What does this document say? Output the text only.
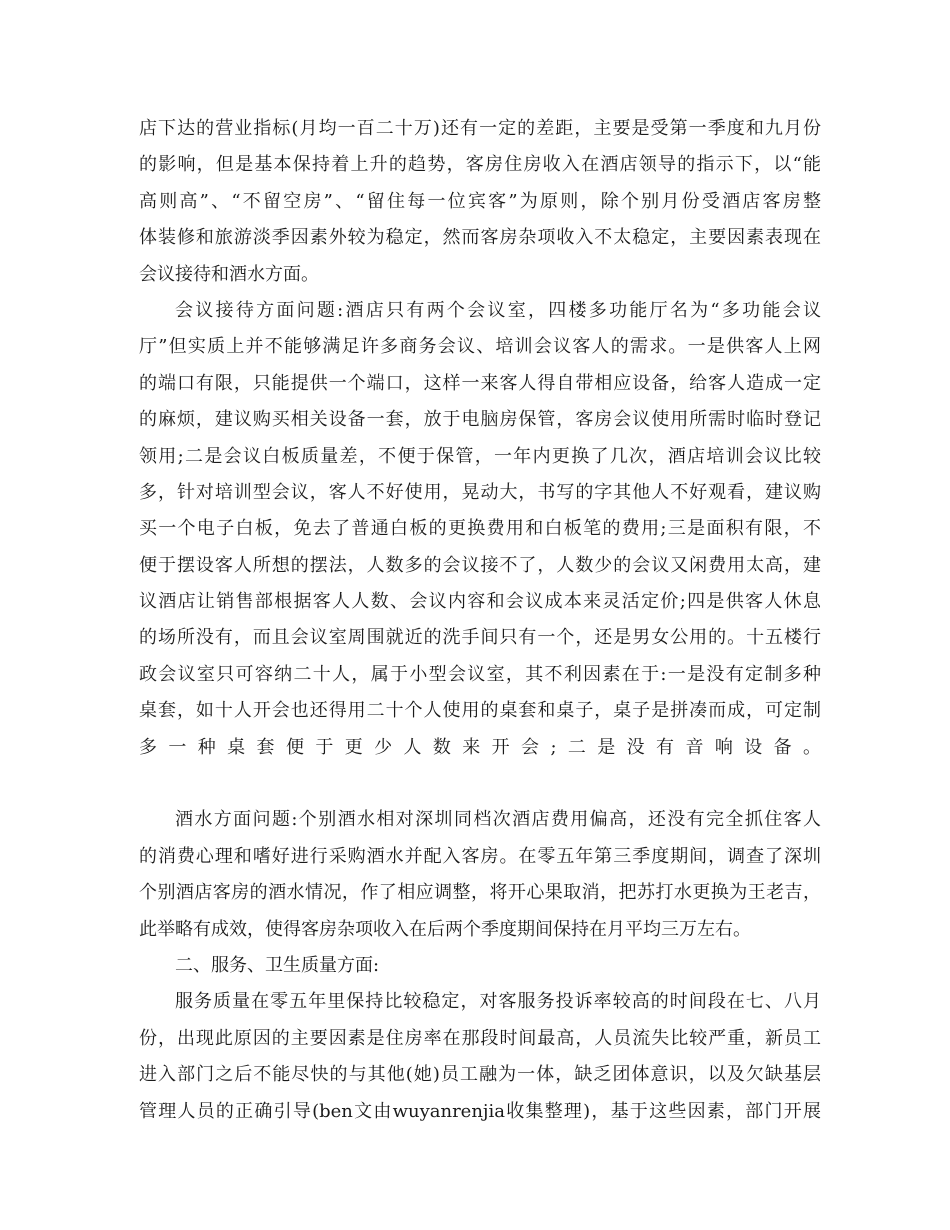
店下达的营业指标(月均一百二十万)还有一定的差距，主要是受第一季度和九月份
的影响，但是基本保持着上升的趋势，客房住房收入在酒店领导的指示下，以“能
高则高”、“不留空房”、“留住每一位宾客”为原则，除个别月份受酒店客房整
体装修和旅游淡季因素外较为稳定，然而客房杂项收入不太稳定，主要因素表现在
会议接待和酒水方面。
会议接待方面问题:酒店只有两个会议室，四楼多功能厅名为“多功能会议
厅”但实质上并不能够满足许多商务会议、培训会议客人的需求。一是供客人上网
的端口有限，只能提供一个端口，这样一来客人得自带相应设备，给客人造成一定
的麻烦，建议购买相关设备一套，放于电脑房保管，客房会议使用所需时临时登记
领用;二是会议白板质量差，不便于保管，一年内更换了几次，酒店培训会议比较
多，针对培训型会议，客人不好使用，晃动大，书写的字其他人不好观看，建议购
买一个电子白板，免去了普通白板的更换费用和白板笔的费用;三是面积有限，不
便于摆设客人所想的摆法，人数多的会议接不了，人数少的会议又闲费用太高，建
议酒店让销售部根据客人人数、会议内容和会议成本来灵活定价;四是供客人休息
的场所没有，而且会议室周围就近的洗手间只有一个，还是男女公用的。十五楼行
政会议室只可容纳二十人，属于小型会议室，其不利因素在于:一是没有定制多种
桌套，如十人开会也还得用二十个人使用的桌套和桌子，桌子是拼凑而成，可定制
多一种桌套便于更少人数来开会;二是没有音响设备。
酒水方面问题:个别酒水相对深圳同档次酒店费用偏高，还没有完全抓住客人
的消费心理和嗜好进行采购酒水并配入客房。在零五年第三季度期间，调查了深圳
个别酒店客房的酒水情况，作了相应调整，将开心果取消，把苏打水更换为王老吉，
此举略有成效，使得客房杂项收入在后两个季度期间保持在月平均三万左右。
二、服务、卫生质量方面:
服务质量在零五年里保持比较稳定，对客服务投诉率较高的时间段在七、八月
份，出现此原因的主要因素是住房率在那段时间最高，人员流失比较严重，新员工
进入部门之后不能尽快的与其他(她)员工融为一体，缺乏团体意识，以及欠缺基层
管理人员的正确引导(ben文由wuyanrenjia收集整理)，基于这些因素，部门开展
